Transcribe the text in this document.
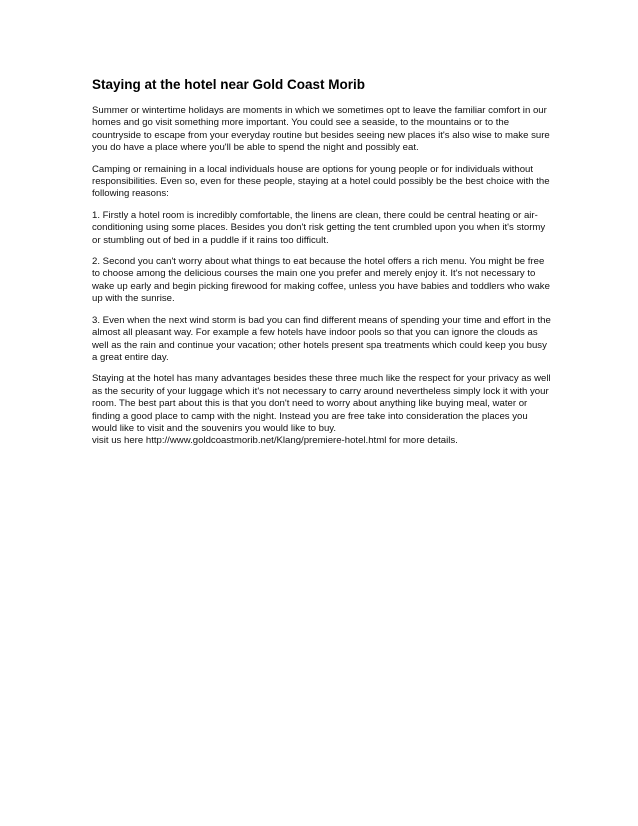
Staying at the hotel near Gold Coast Morib

Summer or wintertime holidays are moments in which we sometimes opt to leave the familiar comfort in our homes and go visit something more important. You could see a seaside, to the mountains or to the countryside to escape from your everyday routine but besides seeing new places it's also wise to make sure you do have a place where you'll be able to spend the night and possibly eat.

Camping or remaining in a local individuals house are options for young people or for individuals without responsibilities. Even so, even for these people, staying at a hotel could possibly be the best choice with the following reasons:

1. Firstly a hotel room is incredibly comfortable, the linens are clean, there could be central heating or air-conditioning using some places. Besides you don't risk getting the tent crumbled upon you when it's stormy or stumbling out of bed in a puddle if it rains too difficult.

2. Second you can't worry about what things to eat because the hotel offers a rich menu. You might be free to choose among the delicious courses the main one you prefer and merely enjoy it. It's not necessary to wake up early and begin picking firewood for making coffee, unless you have babies and toddlers who wake up with the sunrise.

3. Even when the next wind storm is bad you can find different means of spending your time and effort in the almost all pleasant way. For example a few hotels have indoor pools so that you can ignore the clouds as well as the rain and continue your vacation; other hotels present spa treatments which could keep you busy a great entire day.

Staying at the hotel has many advantages besides these three much like the respect for your privacy as well as the security of your luggage which it's not necessary to carry around nevertheless simply lock it with your room. The best part about this is that you don't need to worry about anything like buying meal, water or finding a good place to camp with the night. Instead you are free take into consideration the places you would like to visit and the souvenirs you would like to buy.
visit us here http://www.goldcoastmorib.net/Klang/premiere-hotel.html for more details.
